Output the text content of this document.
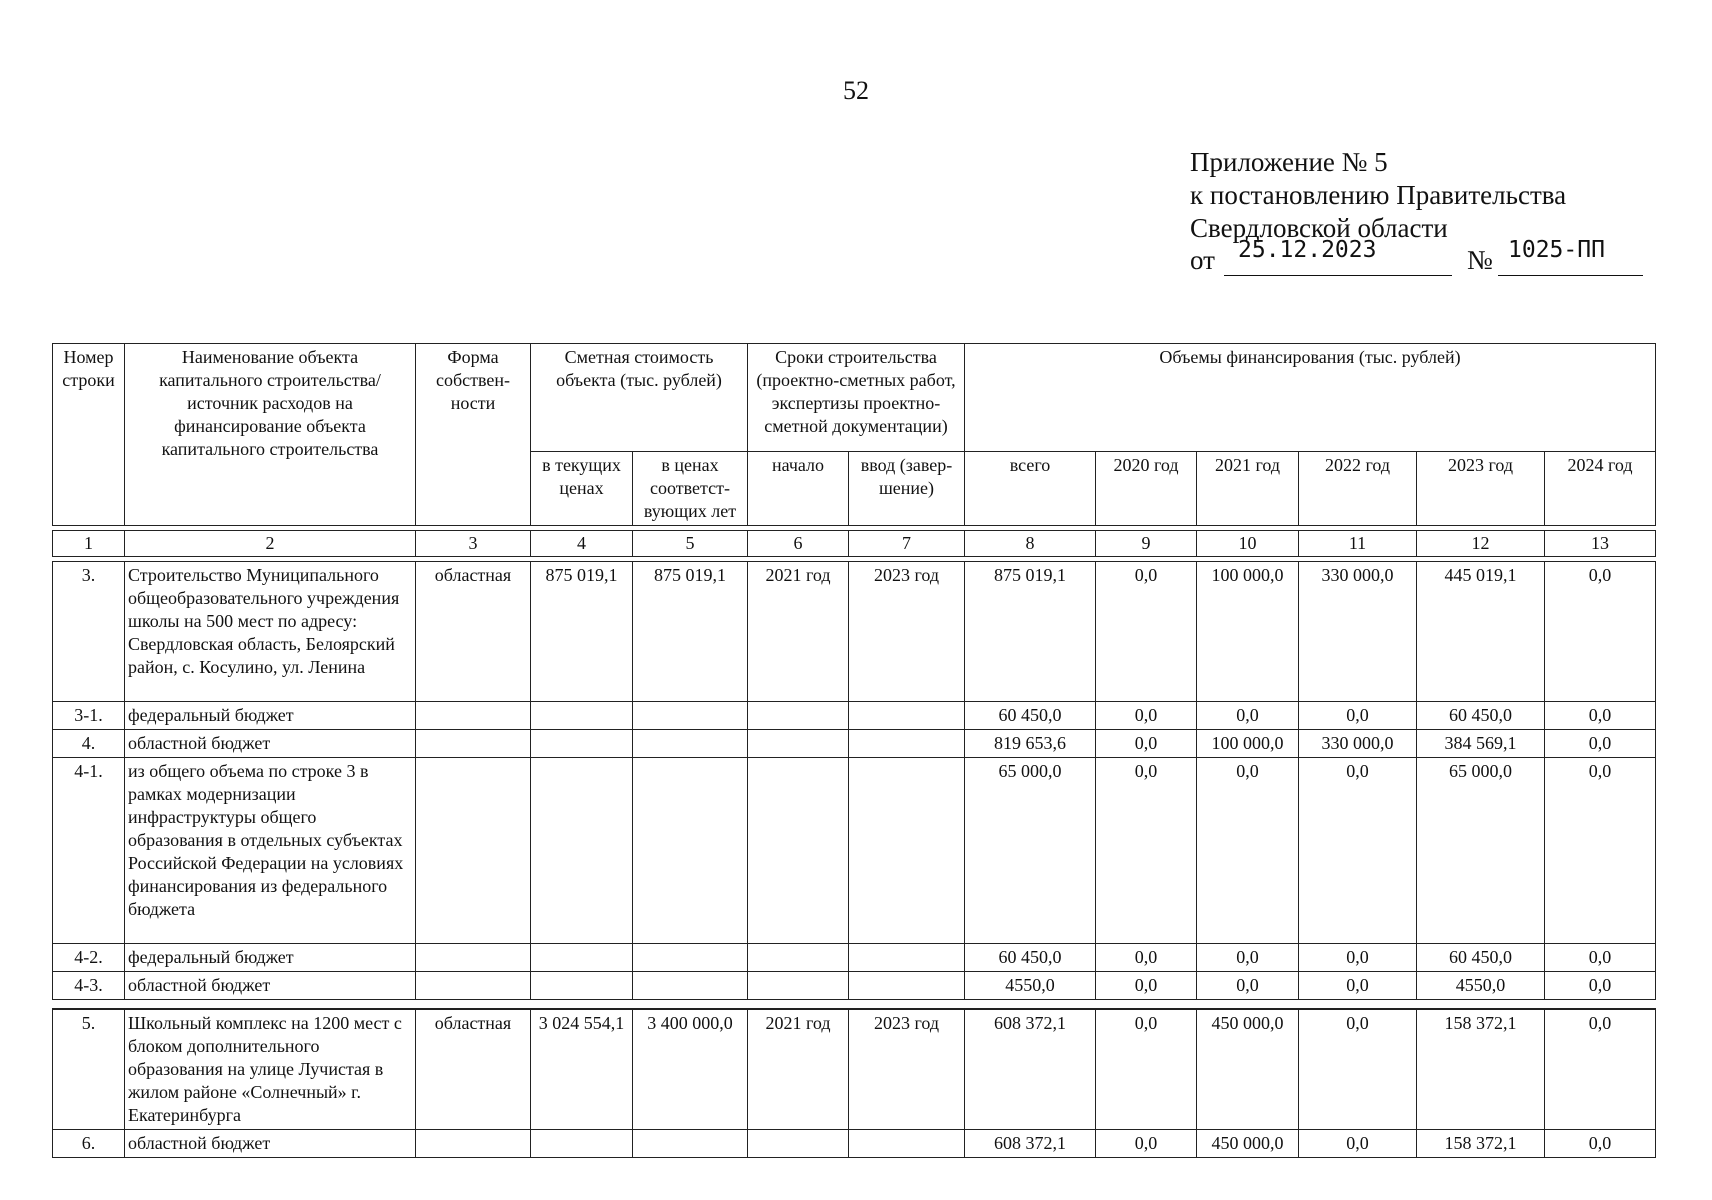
52
Приложение № 5
к постановлению Правительства
Свердловской области
от 25.12.2023	№ 1025-ПП
Номер строки	Наименование объекта капитального строительства/ источник расходов на финансирование объекта капитального строительства	Форма собствен- ности	Сметная стоимость объекта (тыс. рублей)		Сроки строительства (проектно-сметных работ, экспертизы проектно-сметной документации)		Объемы финансирования (тыс. рублей)					
			в текущих ценах	в ценах соответст- вующих лет	начало	ввод (завер- шение)	всего	2020 год	2021 год	2022 год	2023 год	2024 год

1	2	3	4	5	6	7	8	9	10	11	12	13

3.	Строительство Муниципального общеобразовательного учреждения школы на 500 мест по адресу: Свердловская область, Белоярский район, с. Косулино, ул. Ленина	областная	875 019,1	875 019,1	2021 год	2023 год	875 019,1	0,0	100 000,0	330 000,0	445 019,1	0,0
3-1.	федеральный бюджет						60 450,0	0,0	0,0	0,0	60 450,0	0,0
4.	областной бюджет						819 653,6	0,0	100 000,0	330 000,0	384 569,1	0,0
4-1.	из общего объема по строке 3 в рамках модернизации инфраструктуры общего образования в отдельных субъектах Российской Федерации на условиях финансирования из федерального бюджета						65 000,0	0,0	0,0	0,0	65 000,0	0,0
4-2.	федеральный бюджет						60 450,0	0,0	0,0	0,0	60 450,0	0,0
4-3.	областной бюджет						4550,0	0,0	0,0	0,0	4550,0	0,0

5.	Школьный комплекс на 1200 мест с блоком дополнительного образования на улице Лучистая в жилом районе «Солнечный» г. Екатеринбурга	областная	3 024 554,1	3 400 000,0	2021 год	2023 год	608 372,1	0,0	450 000,0	0,0	158 372,1	0,0
6.	областной бюджет						608 372,1	0,0	450 000,0	0,0	158 372,1	0,0
